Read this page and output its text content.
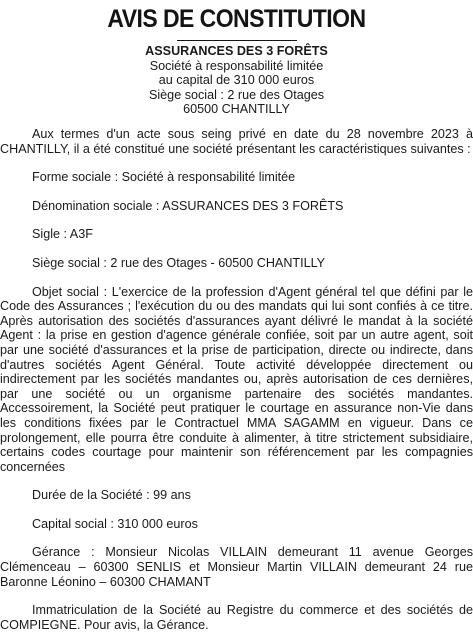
AVIS DE CONSTITUTION
ASSURANCES DES 3 FORÊTS
Société à responsabilité limitée
au capital de 310 000 euros
Siège social : 2 rue des Otages
60500 CHANTILLY

Aux termes d'un acte sous seing privé en date du 28 novembre 2023 à CHANTILLY, il a été constitué une société présentant les caractéristiques suivantes :

Forme sociale : Société à responsabilité limitée

Dénomination sociale : ASSURANCES DES 3 FORÊTS

Sigle : A3F

Siège social : 2 rue des Otages - 60500 CHANTILLY

Objet social : L'exercice de la profession d'Agent général tel que défini par le Code des Assurances ; l'exécution du ou des mandats qui lui sont confiés à ce titre. Après autorisation des sociétés d'assurances ayant délivré le mandat à la société Agent : la prise en gestion d'agence générale confiée, soit par un autre agent, soit par une société d'assurances et la prise de participation, directe ou indirecte, dans d'autres sociétés Agent Général. Toute activité développée directement ou indirectement par les sociétés mandantes ou, après autorisation de ces dernières, par une société ou un organisme partenaire des sociétés mandantes. Accessoirement, la Société peut pratiquer le courtage en assurance non-Vie dans les conditions fixées par le Contractuel MMA SAGAMM en vigueur. Dans ce prolongement, elle pourra être conduite à alimenter, à titre strictement subsidiaire, certains codes courtage pour maintenir son référencement par les compagnies concernées

Durée de la Société : 99 ans

Capital social : 310 000 euros

Gérance : Monsieur Nicolas VILLAIN demeurant 11 avenue Georges Clémenceau – 60300 SENLIS et Monsieur Martin VILLAIN demeurant 24 rue Baronne Léonino – 60300 CHAMANT

Immatriculation de la Société au Registre du commerce et des sociétés de COMPIEGNE. Pour avis, la Gérance.
